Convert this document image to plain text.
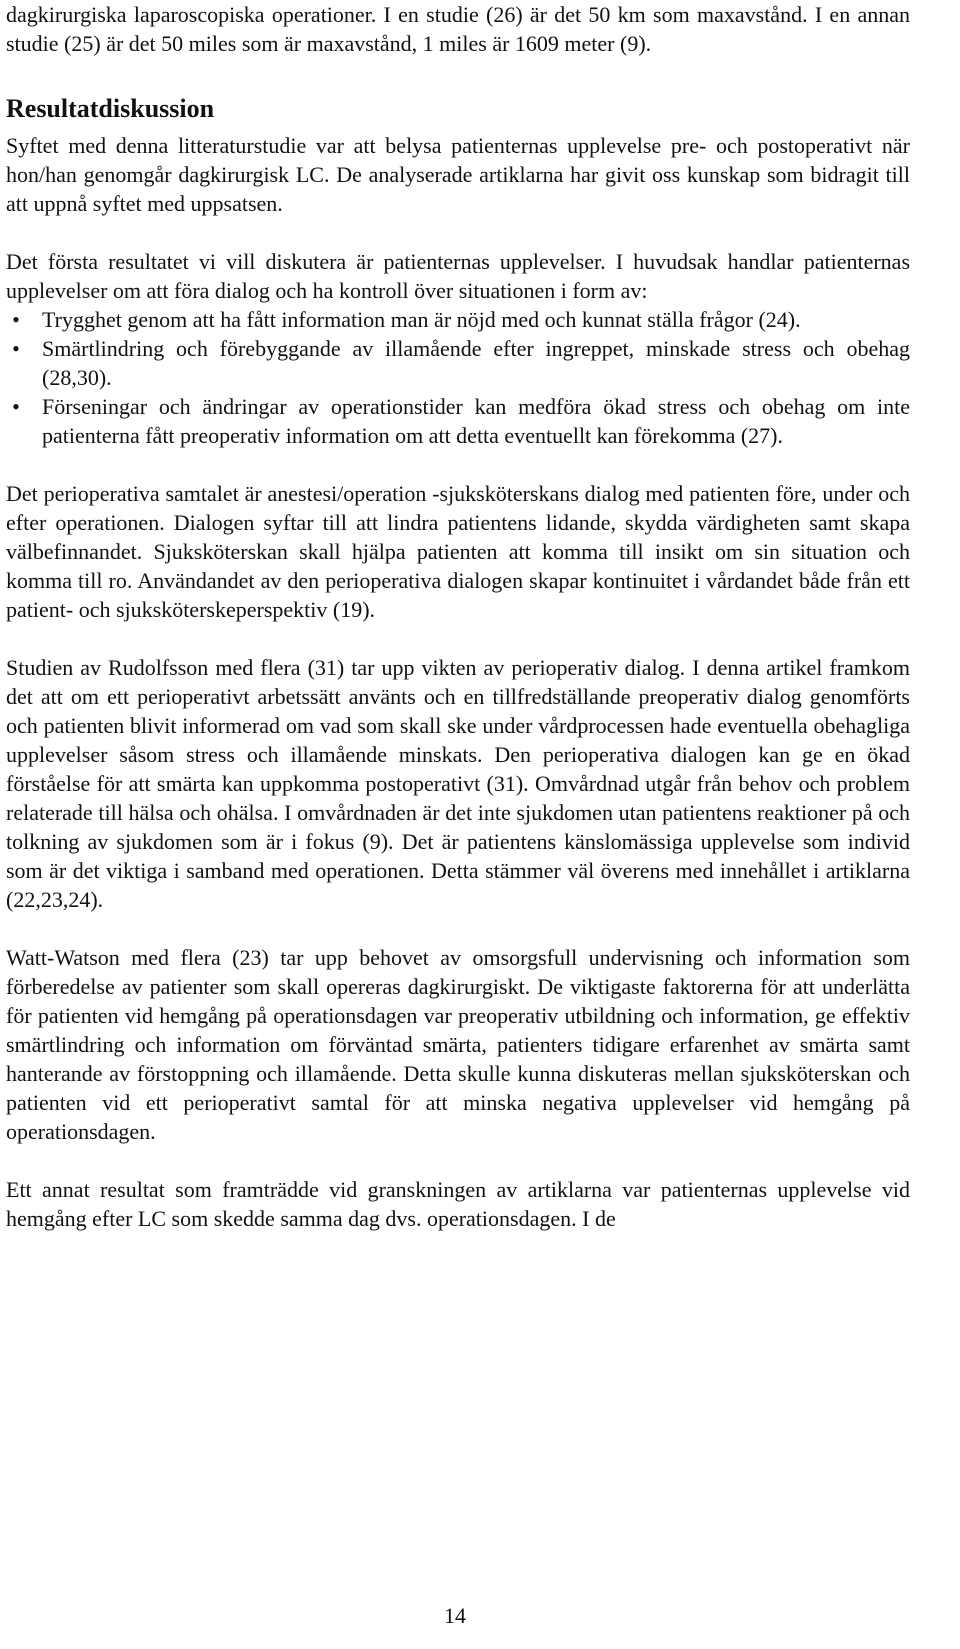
dagkirurgiska laparoscopiska operationer. I en studie (26) är det 50 km som maxavstånd. I en annan studie (25) är det 50 miles som är maxavstånd, 1 miles är 1609 meter (9).

Resultatdiskussion

Syftet med denna litteraturstudie var att belysa patienternas upplevelse pre- och postoperativt när hon/han genomgår dagkirurgisk LC. De analyserade artiklarna har givit oss kunskap som bidragit till att uppnå syftet med uppsatsen.

Det första resultatet vi vill diskutera är patienternas upplevelser. I huvudsak handlar patienternas upplevelser om att föra dialog och ha kontroll över situationen i form av:

• Trygghet genom att ha fått information man är nöjd med och kunnat ställa frågor (24).
• Smärtlindring och förebyggande av illamående efter ingreppet, minskade stress och obehag (28,30).
• Förseningar och ändringar av operationstider kan medföra ökad stress och obehag om inte patienterna fått preoperativ information om att detta eventuellt kan förekomma (27).

Det perioperativa samtalet är anestesi/operation -sjuksköterskans dialog med patienten före, under och efter operationen. Dialogen syftar till att lindra patientens lidande, skydda värdigheten samt skapa välbefinnandet. Sjuksköterskan skall hjälpa patienten att komma till insikt om sin situation och komma till ro. Användandet av den perioperativa dialogen skapar kontinuitet i vårdandet både från ett patient- och sjuksköterskeperspektiv (19).

Studien av Rudolfsson med flera (31) tar upp vikten av perioperativ dialog. I denna artikel framkom det att om ett perioperativt arbetssätt använts och en tillfredställande preoperativ dialog genomförts och patienten blivit informerad om vad som skall ske under vårdprocessen hade eventuella obehagliga upplevelser såsom stress och illamående minskats. Den perioperativa dialogen kan ge en ökad förståelse för att smärta kan uppkomma postoperativt (31). Omvårdnad utgår från behov och problem relaterade till hälsa och ohälsa. I omvårdnaden är det inte sjukdomen utan patientens reaktioner på och tolkning av sjukdomen som är i fokus (9). Det är patientens känslomässiga upplevelse som individ som är det viktiga i samband med operationen. Detta stämmer väl överens med innehållet i artiklarna (22,23,24).

Watt-Watson med flera (23) tar upp behovet av omsorgsfull undervisning och information som förberedelse av patienter som skall opereras dagkirurgiskt. De viktigaste faktorerna för att underlätta för patienten vid hemgång på operationsdagen var preoperativ utbildning och information, ge effektiv smärtlindring och information om förväntad smärta, patienters tidigare erfarenhet av smärta samt hanterande av förstoppning och illamående. Detta skulle kunna diskuteras mellan sjuksköterskan och patienten vid ett perioperativt samtal för att minska negativa upplevelser vid hemgång på operationsdagen.

Ett annat resultat som framträdde vid granskningen av artiklarna var patienternas upplevelse vid hemgång efter LC som skedde samma dag dvs. operationsdagen. I de

14
